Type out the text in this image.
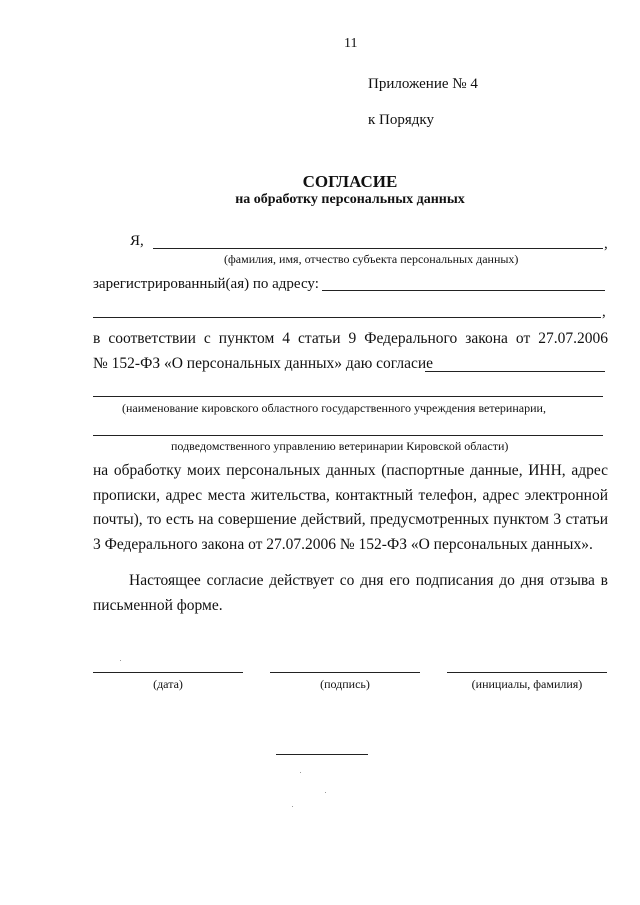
11
Приложение № 4
к Порядку
СОГЛАСИЕ
на обработку персональных данных
Я,	,
(фамилия, имя, отчество субъекта персональных данных)
зарегистрированный(ая) по адресу:
,
в соответствии с пунктом 4 статьи 9 Федерального закона от 27.07.2006
№ 152-ФЗ «О персональных данных» даю согласие
(наименование кировского областного государственного учреждения ветеринарии,
подведомственного управлению ветеринарии Кировской области)
на обработку моих персональных данных (паспортные данные, ИНН, адрес прописки, адрес места жительства, контактный телефон, адрес электронной почты), то есть на совершение действий, предусмотренных пунктом 3 статьи 3 Федерального закона от 27.07.2006 № 152-ФЗ «О персональных данных».
Настоящее согласие действует со дня его подписания до дня отзыва в письменной форме.
(дата)	(подпись)	(инициалы, фамилия)
